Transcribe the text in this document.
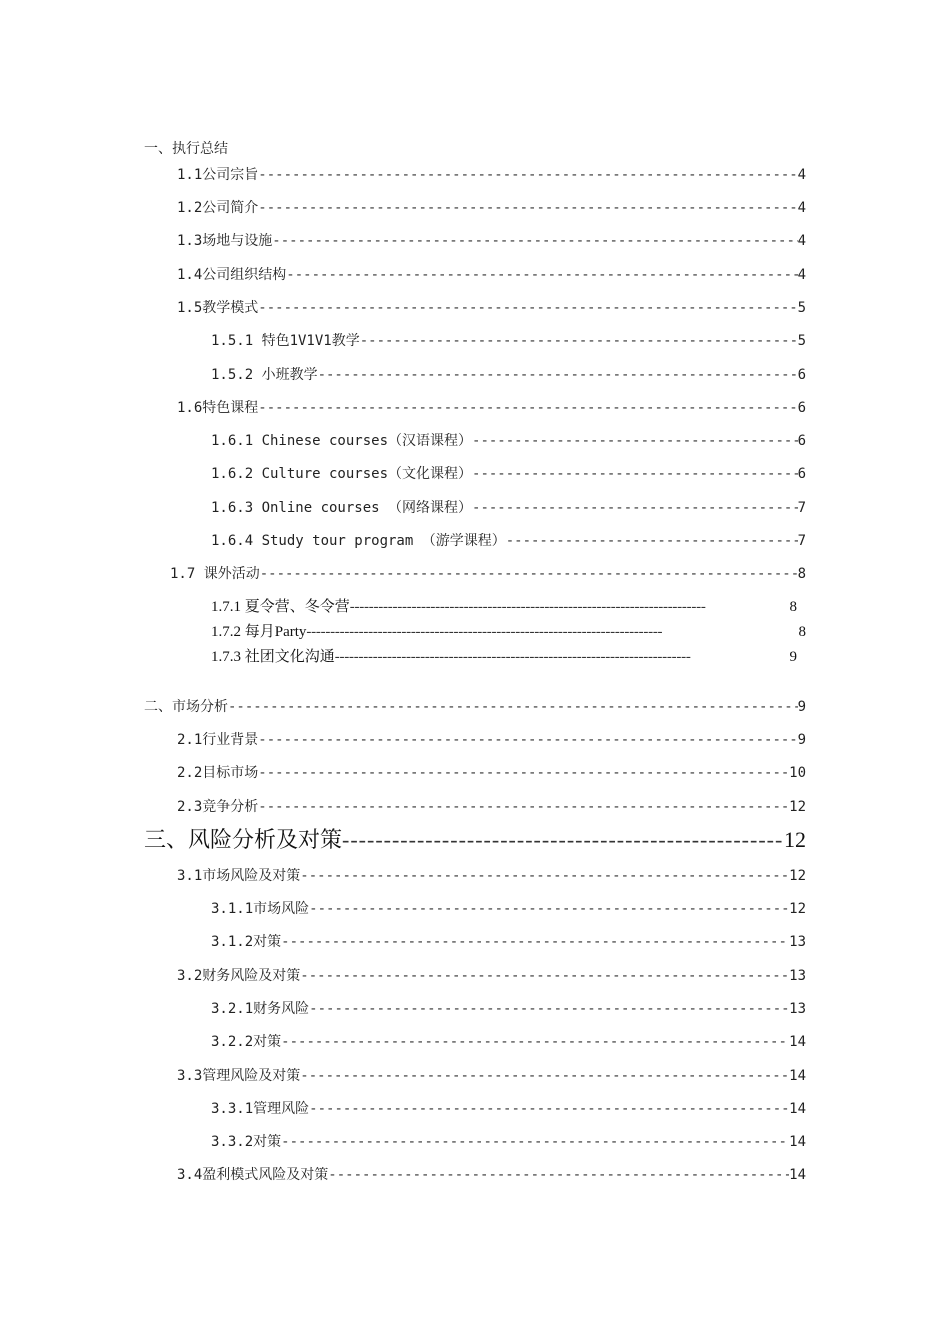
一、执行总结
1.1公司宗旨 -----	4
1.2公司简介 -----	4
1.3场地与设施 -----	4
1.4公司组织结构 -----	4
1.5教学模式 -----	5
1.5.1 特色1V1V1教学 -----	5
1.5.2 小班教学 -----	6
1.6特色课程 -----	6
1.6.1 Chinese courses（汉语课程） -----	6
1.6.2 Culture courses（文化课程） -----	6
1.6.3 Online courses （网络课程） -----	7
1.6.4 Study tour program （游学课程） -----	7
1.7 课外活动 -----	8
1.7.1 夏令营、冬令营 - - -	8
1.7.2 每月Party - - -	8
1.7.3 社团文化沟通 - - -	9
二、市场分析 -----	9
2.1行业背景 -----	9
2.2目标市场 -----	10
2.3竞争分析 -----	12
三、风险分析及对策 -----	12
3.1市场风险及对策 -----	12
3.1.1市场风险 -----	12
3.1.2对策 -----	13
3.2财务风险及对策 -----	13
3.2.1财务风险 -----	13
3.2.2对策 -----	14
3.3管理风险及对策 -----	14
3.3.1管理风险 -----	14
3.3.2对策 -----	14
3.4盈利模式风险及对策 -----	14
